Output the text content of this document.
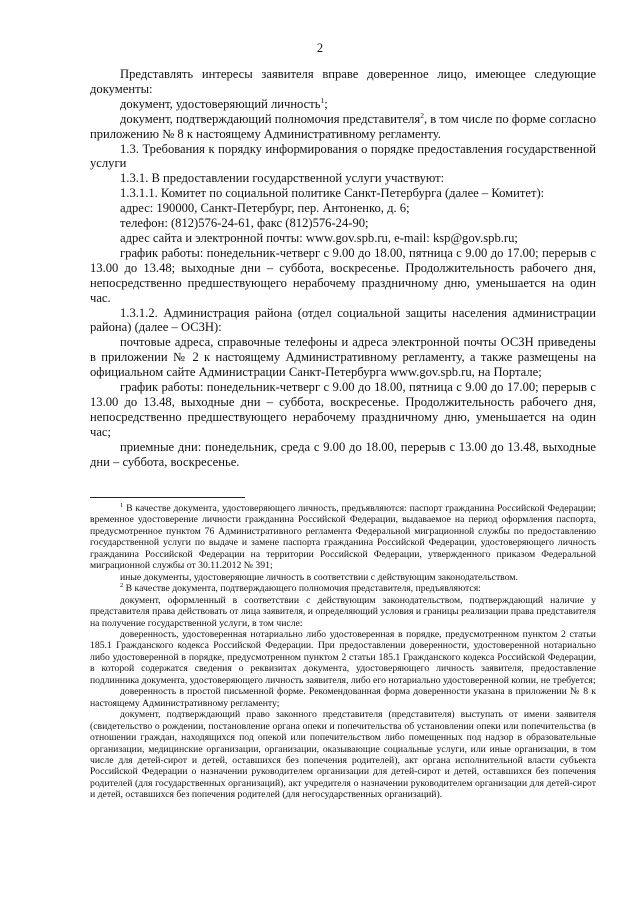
2

Представлять интересы заявителя вправе доверенное лицо, имеющее следующие документы:

документ, удостоверяющий личность$^1$;

документ, подтверждающий полномочия представителя$^2$, в том числе по форме согласно приложению № 8 к настоящему Административному регламенту.

1.3. Требования к порядку информирования о порядке предоставления государственной услуги

1.3.1. В предоставлении государственной услуги участвуют:

1.3.1.1. Комитет по социальной политике Санкт-Петербурга (далее – Комитет):

адрес: 190000, Санкт-Петербург, пер. Антоненко, д. 6;

телефон: (812)576-24-61, факс (812)576-24-90;

адрес сайта и электронной почты: www.gov.spb.ru, e-mail: ksp@gov.spb.ru;

график работы: понедельник-четверг с 9.00 до 18.00, пятница с 9.00 до 17.00; перерыв с 13.00 до 13.48; выходные дни – суббота, воскресенье. Продолжительность рабочего дня, непосредственно предшествующего нерабочему праздничному дню, уменьшается на один час.

1.3.1.2. Администрация района (отдел социальной защиты населения администрации района) (далее – ОСЗН):

почтовые адреса, справочные телефоны и адреса электронной почты ОСЗН приведены в приложении № 2 к настоящему Административному регламенту, а также размещены на официальном сайте Администрации Санкт-Петербурга www.gov.spb.ru, на Портале;

график работы: понедельник-четверг с 9.00 до 18.00, пятница с 9.00 до 17.00; перерыв с 13.00 до 13.48, выходные дни – суббота, воскресенье. Продолжительность рабочего дня, непосредственно предшествующего нерабочему праздничному дню, уменьшается на один час;

приемные дни: понедельник, среда с 9.00 до 18.00, перерыв с 13.00 до 13.48, выходные дни – суббота, воскресенье.

$^1$ В качестве документа, удостоверяющего личность, предъявляются: паспорт гражданина Российской Федерации; временное удостоверение личности гражданина Российской Федерации, выдаваемое на период оформления паспорта, предусмотренное пунктом 76 Административного регламента Федеральной миграционной службы по предоставлению государственной услуги по выдаче и замене паспорта гражданина Российской Федерации, удостоверяющего личность гражданина Российской Федерации на территории Российской Федерации, утвержденного приказом Федеральной миграционной службы от 30.11.2012 № 391;

иные документы, удостоверяющие личность в соответствии с действующим законодательством.

$^2$ В качестве документа, подтверждающего полномочия представителя, предъявляются:

документ, оформленный в соответствии с действующим законодательством, подтверждающий наличие у представителя права действовать от лица заявителя, и определяющий условия и границы реализации права представителя на получение государственной услуги, в том числе:

доверенность, удостоверенная нотариально либо удостоверенная в порядке, предусмотренном пунктом 2 статьи 185.1 Гражданского кодекса Российской Федерации. При предоставлении доверенности, удостоверенной нотариально либо удостоверенной в порядке, предусмотренном пунктом 2 статьи 185.1 Гражданского кодекса Российской Федерации, в которой содержатся сведения о реквизитах документа, удостоверяющего личность заявителя, предоставление подлинника документа, удостоверяющего личность заявителя, либо его нотариально удостоверенной копии, не требуется;

доверенность в простой письменной форме. Рекомендованная форма доверенности указана в приложении № 8 к настоящему Административному регламенту;

документ, подтверждающий право законного представителя (представителя) выступать от имени заявителя (свидетельство о рождении, постановление органа опеки и попечительства об установлении опеки или попечительства (в отношении граждан, находящихся под опекой или попечительством либо помещенных под надзор в образовательные организации, медицинские организации, организации, оказывающие социальные услуги, или иные организации, в том числе для детей-сирот и детей, оставшихся без попечения родителей), акт органа исполнительной власти субъекта Российской Федерации о назначении руководителем организации для детей-сирот и детей, оставшихся без попечения родителей (для государственных организаций), акт учредителя о назначении руководителем организации для детей-сирот и детей, оставшихся без попечения родителей (для негосударственных организаций).
